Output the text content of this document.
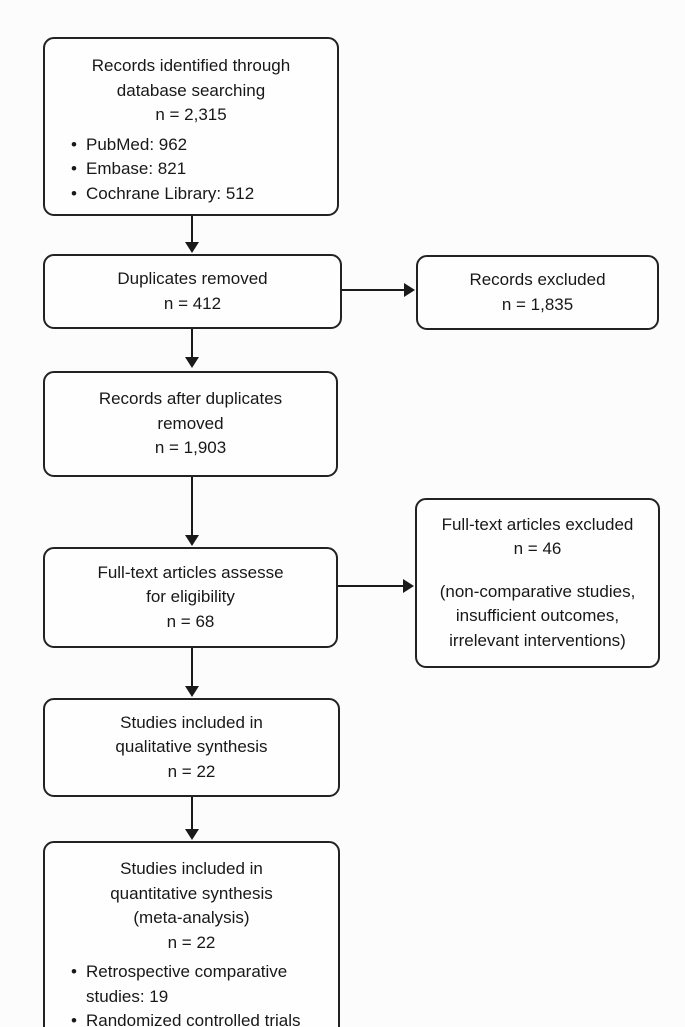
Records identified through
database searching
n = 2,315
• PubMed: 962
• Embase: 821
• Cochrane Library: 512
Duplicates removed
n = 412
Records excluded
n = 1,835
Records after duplicates
removed
n = 1,903
Full-text articles assesse
for eligibility
n = 68
Full-text articles excluded
n = 46
(non-comparative studies,
insufficient outcomes,
irrelevant interventions)
Studies included in
qualitative synthesis
n = 22
Studies included in
quantitative synthesis
(meta-analysis)
n = 22
• Retrospective comparative studies: 19
• Randomized controlled trials
